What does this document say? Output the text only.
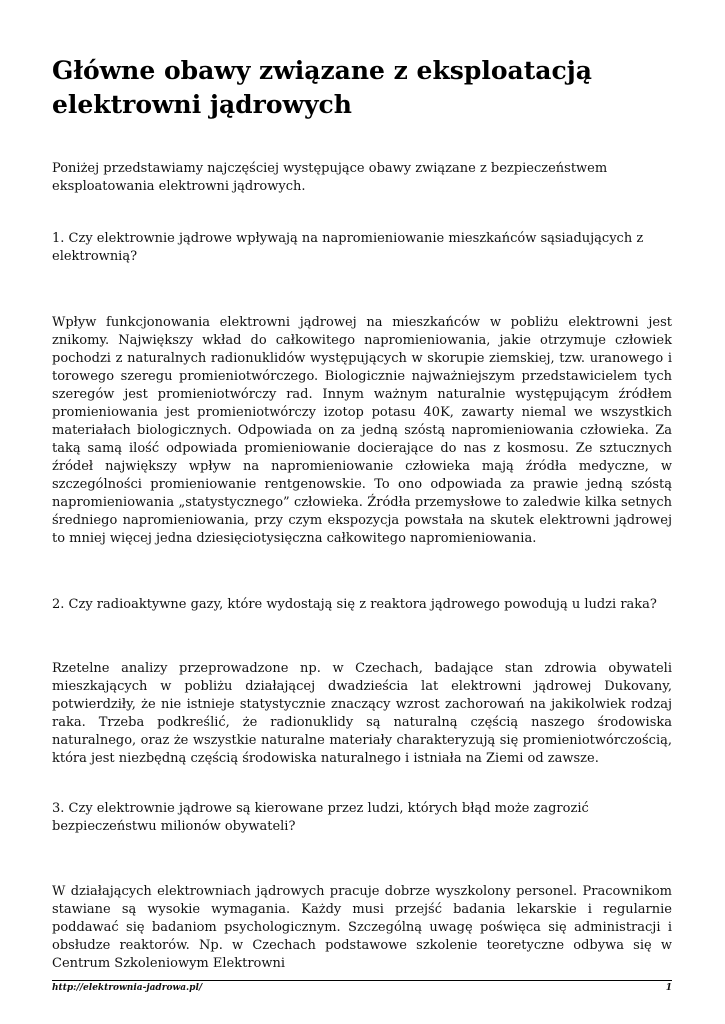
Główne obawy związane z eksploatacją elektrowni jądrowych

Poniżej przedstawiamy najczęściej występujące obawy związane z bezpieczeństwem eksploatowania elektrowni jądrowych.

1. Czy elektrownie jądrowe wpływają na napromieniowanie mieszkańców sąsiadujących z elektrownią?

Wpływ funkcjonowania elektrowni jądrowej na mieszkańców w pobliżu elektrowni jest znikomy. Największy wkład do całkowitego napromieniowania, jakie otrzymuje człowiek pochodzi z naturalnych radionuklidów występujących w skorupie ziemskiej, tzw. uranowego i torowego szeregu promieniotwórczego. Biologicznie najważniejszym przedstawicielem tych szeregów jest promieniotwórczy rad. Innym ważnym naturalnie występującym źródłem promieniowania jest promieniotwórczy izotop potasu 40K, zawarty niemal we wszystkich materiałach biologicznych. Odpowiada on za jedną szóstą napromieniowania człowieka. Za taką samą ilość odpowiada promieniowanie docierające do nas z kosmosu. Ze sztucznych źródeł największy wpływ na napromieniowanie człowieka mają źródła medyczne, w szczególności promieniowanie rentgenowskie. To ono odpowiada za prawie jedną szóstą napromieniowania „statystycznego” człowieka. Źródła przemysłowe to zaledwie kilka setnych średniego napromieniowania, przy czym ekspozycja powstała na skutek elektrowni jądrowej to mniej więcej jedna dziesięciotysięczna całkowitego napromieniowania.

2. Czy radioaktywne gazy, które wydostają się z reaktora jądrowego powodują u ludzi raka?

Rzetelne analizy przeprowadzone np. w Czechach, badające stan zdrowia obywateli mieszkających w pobliżu działającej dwadzieścia lat elektrowni jądrowej Dukovany, potwierdziły, że nie istnieje statystycznie znaczący wzrost zachorowań na jakikolwiek rodzaj raka. Trzeba podkreślić, że radionuklidy są naturalną częścią naszego środowiska naturalnego, oraz że wszystkie naturalne materiały charakteryzują się promieniotwórczością, która jest niezbędną częścią środowiska naturalnego i istniała na Ziemi od zawsze.

3. Czy elektrownie jądrowe są kierowane przez ludzi, których błąd może zagrozić bezpieczeństwu milionów obywateli?

W działających elektrowniach jądrowych pracuje dobrze wyszkolony personel. Pracownikom stawiane są wysokie wymagania. Każdy musi przejść badania lekarskie i regularnie poddawać się badaniom psychologicznym. Szczególną uwagę poświęca się administracji i obsłudze reaktorów. Np. w Czechach podstawowe szkolenie teoretyczne odbywa się w Centrum Szkoleniowym Elektrowni

http://elektrownia-jadrowa.pl/	1
